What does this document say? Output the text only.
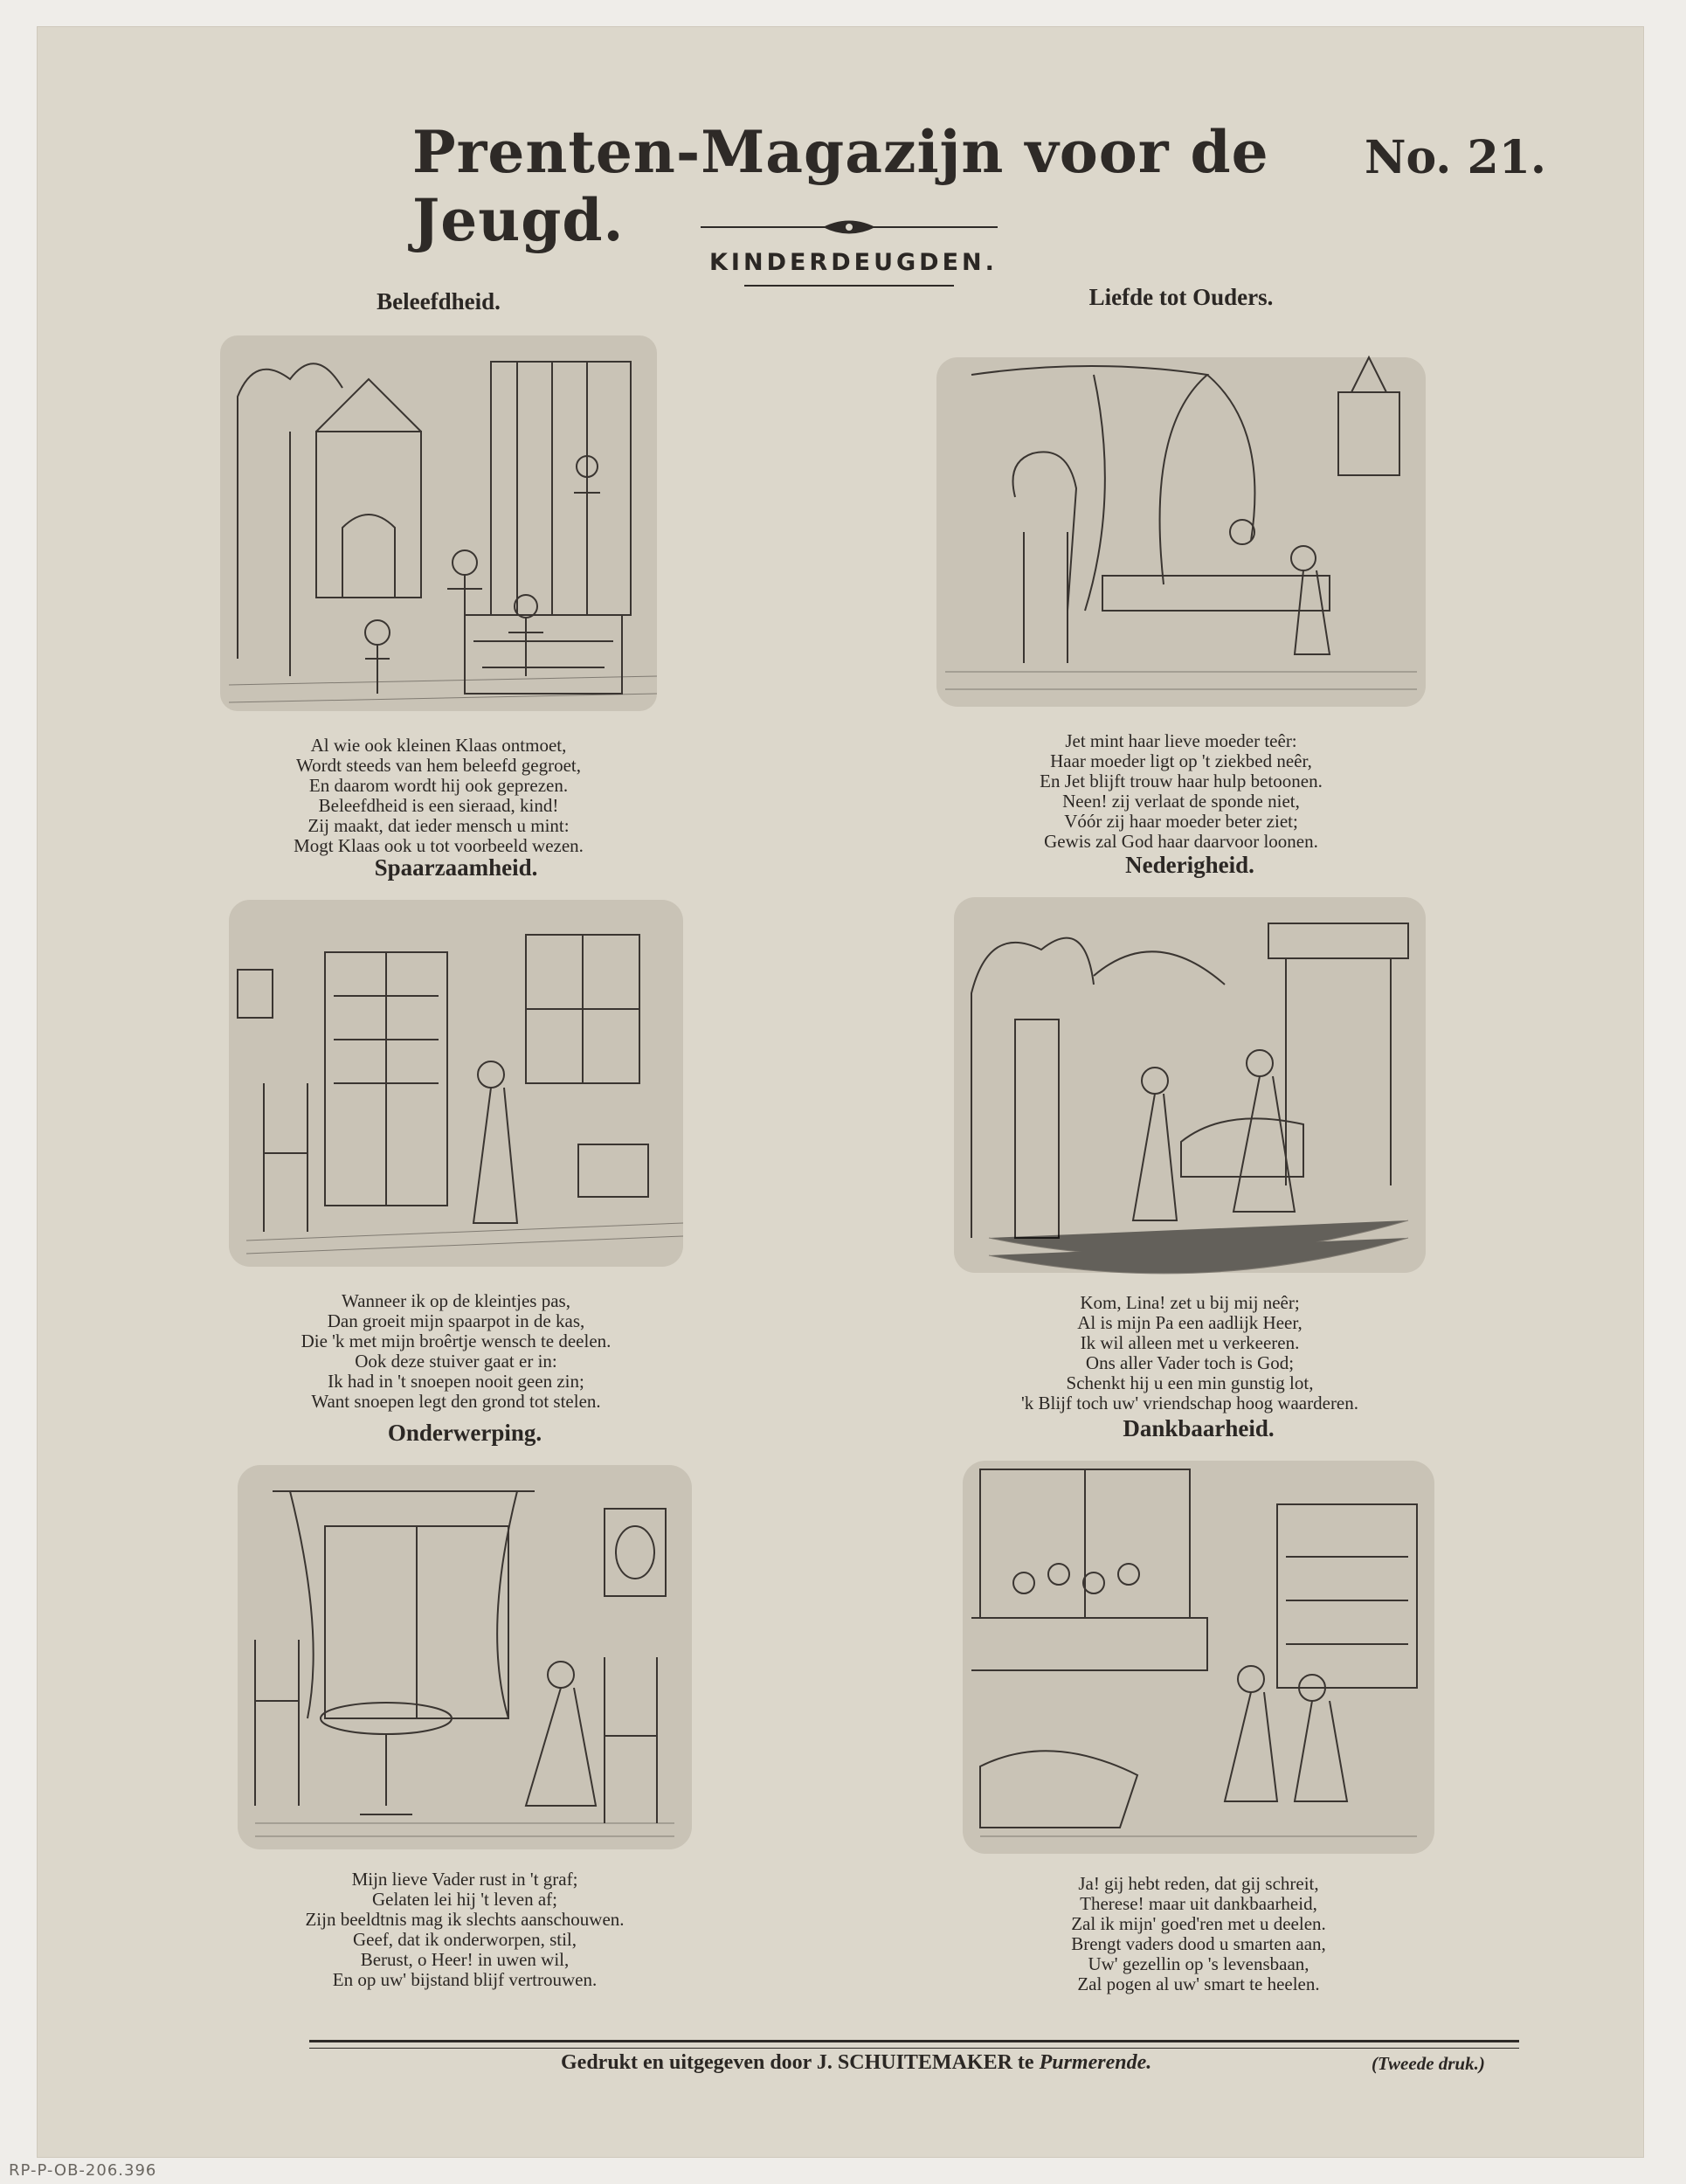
Prenten-Magazijn voor de Jeugd.
No. 21.
KINDERDEUGDEN.
Beleefdheid.
Al wie ook kleinen Klaas ontmoet,
Wordt steeds van hem beleefd gegroet,
En daarom wordt hij ook geprezen.
Beleefdheid is een sieraad, kind!
Zij maakt, dat ieder mensch u mint:
Mogt Klaas ook u tot voorbeeld wezen.
Liefde tot Ouders.
Jet mint haar lieve moeder teêr:
Haar moeder ligt op 't ziekbed neêr,
En Jet blijft trouw haar hulp betoonen.
Neen! zij verlaat de sponde niet,
Vóór zij haar moeder beter ziet;
Gewis zal God haar daarvoor loonen.
Spaarzaamheid.
Wanneer ik op de kleintjes pas,
Dan groeit mijn spaarpot in de kas,
Die 'k met mijn broêrtje wensch te deelen.
Ook deze stuiver gaat er in:
Ik had in 't snoepen nooit geen zin;
Want snoepen legt den grond tot stelen.
Nederigheid.
Kom, Lina! zet u bij mij neêr;
Al is mijn Pa een aadlijk Heer,
Ik wil alleen met u verkeeren.
Ons aller Vader toch is God;
Schenkt hij u een min gunstig lot,
'k Blijf toch uw' vriendschap hoog waarderen.
Onderwerping.
Mijn lieve Vader rust in 't graf;
Gelaten lei hij 't leven af;
Zijn beeldtnis mag ik slechts aanschouwen.
Geef, dat ik onderworpen, stil,
Berust, o Heer! in uwen wil,
En op uw' bijstand blijf vertrouwen.
Dankbaarheid.
Ja! gij hebt reden, dat gij schreit,
Therese! maar uit dankbaarheid,
Zal ik mijn' goed'ren met u deelen.
Brengt vaders dood u smarten aan,
Uw' gezellin op 's levensbaan,
Zal pogen al uw' smart te heelen.
Gedrukt en uitgegeven door J. SCHUITEMAKER te Purmerende.	(Tweede druk.)
RP-P-OB-206.396
